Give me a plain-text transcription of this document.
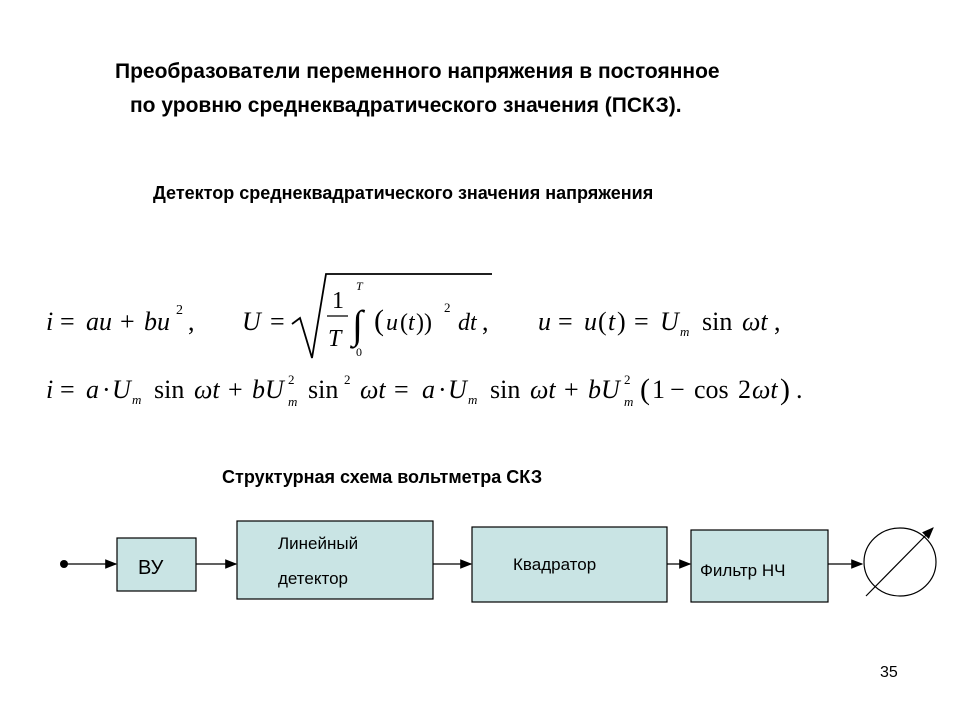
Преобразователи переменного напряжения в постоянное
по уровню среднеквадратического значения (ПСКЗ).
Детектор среднеквадратического значения напряжения
i = au + bu 2 , U =
1
T ∫
T
0
( u ( t ))
2
dt , u = u ( t ) = U m sin ωt ,
i = a · U m sin ωt + bU 2
m sin 2 ωt = a · U m sin ωt + bU 2
m ( 1 − cos 2 ωt ) .
Структурная схема вольтметра СКЗ
ВУ
Линейный
детектор
Квадратор	Фильтр НЧ
35
